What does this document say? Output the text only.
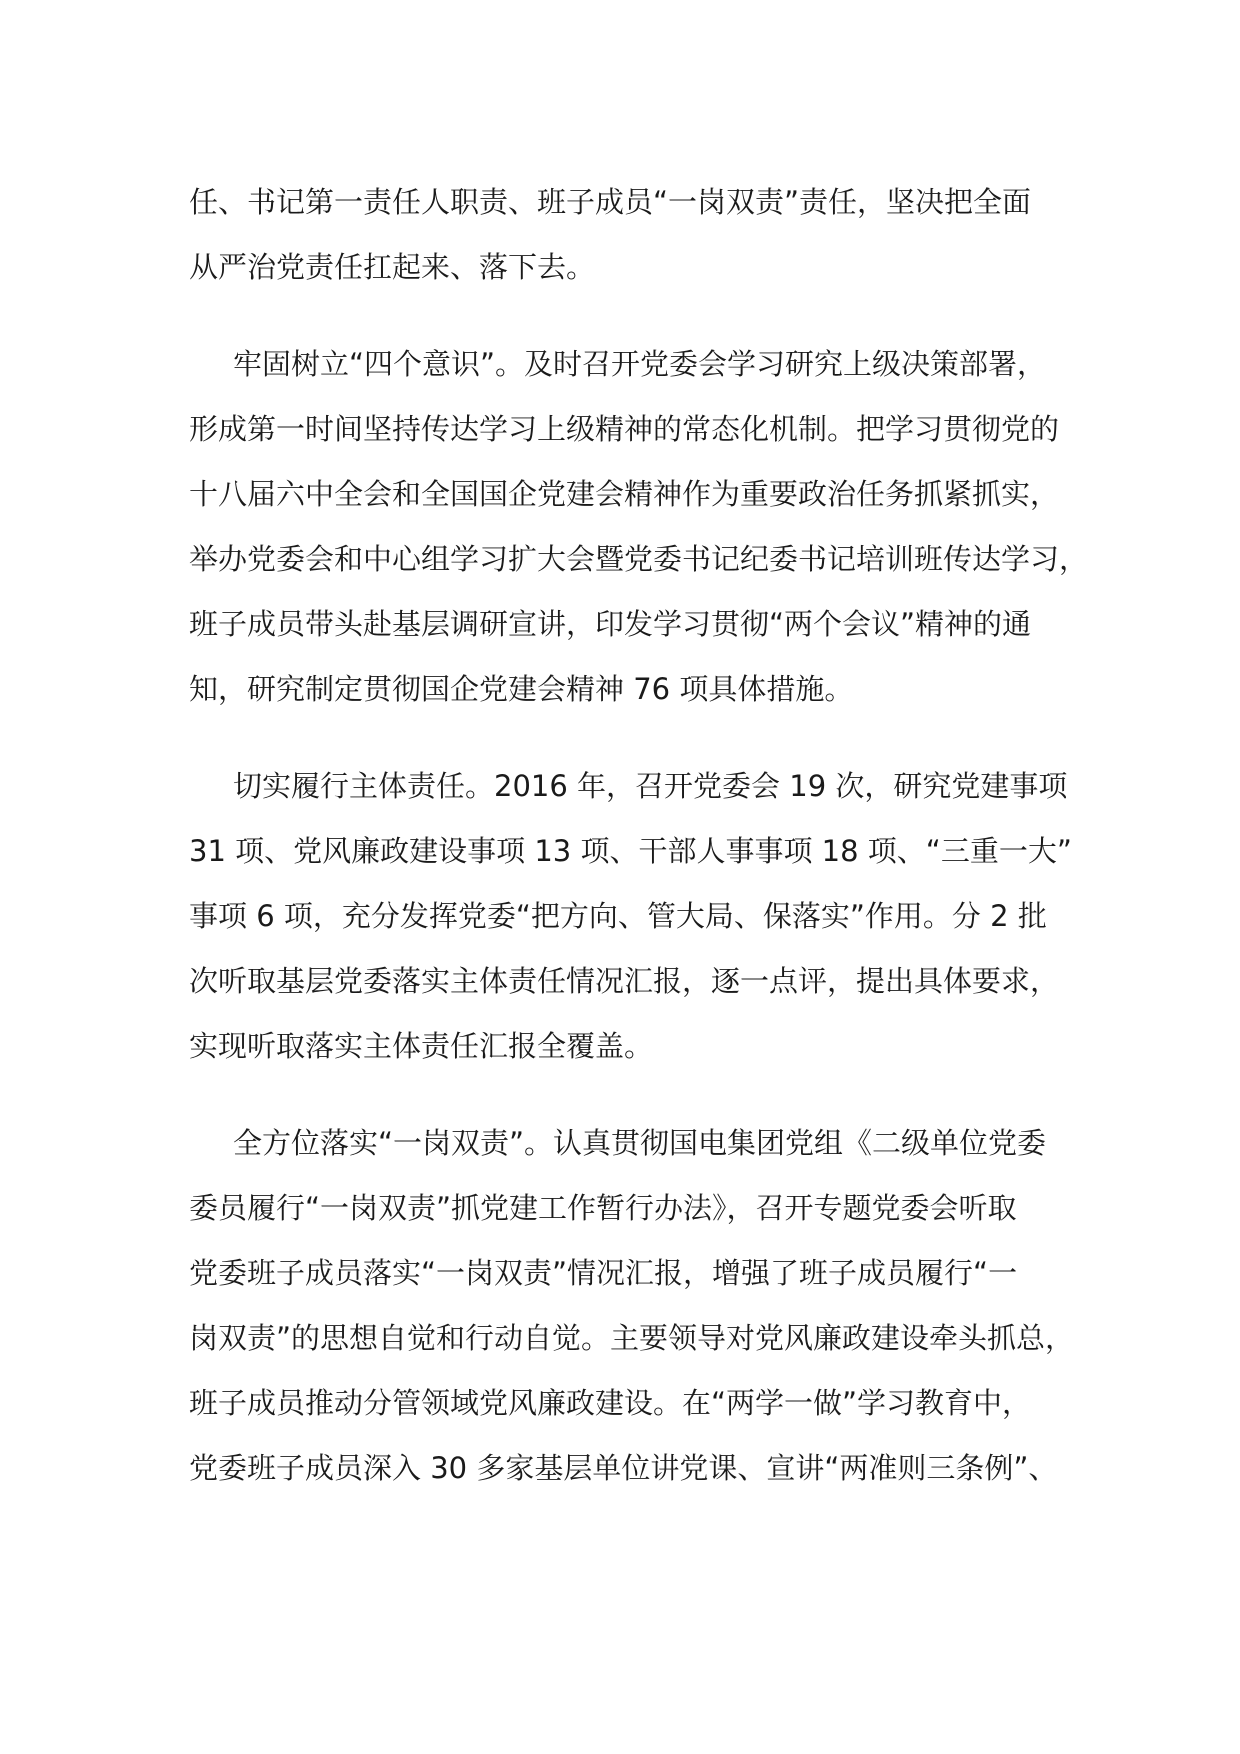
任、书记第一责任人职责、班子成员“一岗双责”责任，坚决把全面
从严治党责任扛起来、落下去。
牢固树立“四个意识”。及时召开党委会学习研究上级决策部署，
形成第一时间坚持传达学习上级精神的常态化机制。把学习贯彻党的
十八届六中全会和全国国企党建会精神作为重要政治任务抓紧抓实，
举办党委会和中心组学习扩大会暨党委书记纪委书记培训班传达学习，
班子成员带头赴基层调研宣讲，印发学习贯彻“两个会议”精神的通
知，研究制定贯彻国企党建会精神 76 项具体措施。
切实履行主体责任。2016 年，召开党委会 19 次，研究党建事项
31 项、党风廉政建设事项 13 项、干部人事事项 18 项、“三重一大”
事项 6 项，充分发挥党委“把方向、管大局、保落实”作用。分 2 批
次听取基层党委落实主体责任情况汇报，逐一点评，提出具体要求，
实现听取落实主体责任汇报全覆盖。
全方位落实“一岗双责”。认真贯彻国电集团党组《二级单位党委
委员履行“一岗双责”抓党建工作暂行办法》，召开专题党委会听取
党委班子成员落实“一岗双责”情况汇报，增强了班子成员履行“一
岗双责”的思想自觉和行动自觉。主要领导对党风廉政建设牵头抓总，
班子成员推动分管领域党风廉政建设。在“两学一做”学习教育中，
党委班子成员深入 30 多家基层单位讲党课、宣讲“两准则三条例”、
